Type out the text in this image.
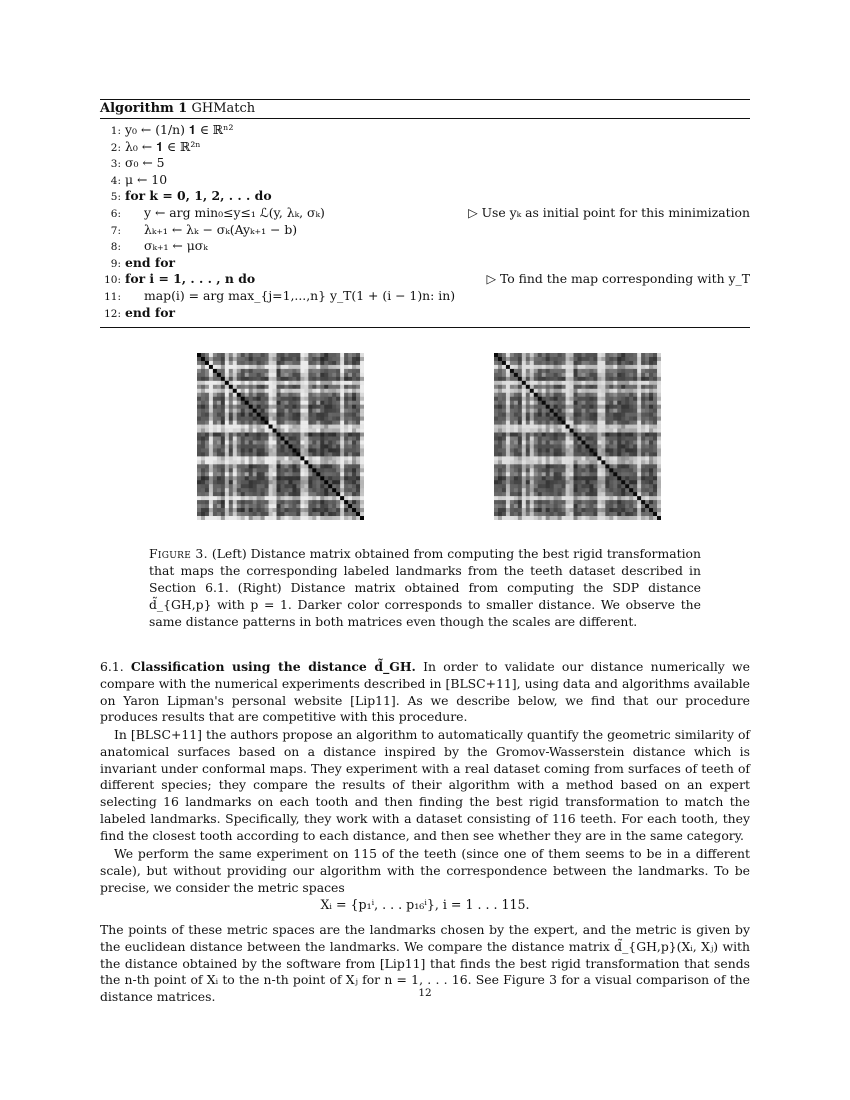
Algorithm 1 GHMatch
1: y₀ ← (1/n) 𝟏 ∈ ℝⁿ²
2: λ₀ ← 𝟏 ∈ ℝ²ⁿ
3: σ₀ ← 5
4: μ ← 10
5: for k = 0, 1, 2, . . . do
6: y ← arg min₀≤y≤₁ ℒ(y, λₖ, σₖ)	▷ Use yₖ as initial point for this minimization
7: λₖ₊₁ ← λₖ − σₖ(Ayₖ₊₁ − b)
8: σₖ₊₁ ← μσₖ
9: end for
10: for i = 1, . . . , n do	▷ To find the map corresponding with y_T
11: map(i) = arg max_{j=1,...,n} y_T(1 + (i − 1)n: in)
12: end for
Figure 3. (Left) Distance matrix obtained from computing the best rigid transformation that maps the corresponding labeled landmarks from the teeth dataset described in Section 6.1. (Right) Distance matrix obtained from computing the SDP distance d̃_{GH,p} with p = 1. Darker color corresponds to smaller distance. We observe the same distance patterns in both matrices even though the scales are different.
6.1. Classification using the distance d̃_GH. In order to validate our distance numerically we compare with the numerical experiments described in [BLSC+11], using data and algorithms available on Yaron Lipman's personal website [Lip11]. As we describe below, we find that our procedure produces results that are competitive with this procedure.
In [BLSC+11] the authors propose an algorithm to automatically quantify the geometric similarity of anatomical surfaces based on a distance inspired by the Gromov-Wasserstein distance which is invariant under conformal maps. They experiment with a real dataset coming from surfaces of teeth of different species; they compare the results of their algorithm with a method based on an expert selecting 16 landmarks on each tooth and then finding the best rigid transformation to match the labeled landmarks. Specifically, they work with a dataset consisting of 116 teeth. For each tooth, they find the closest tooth according to each distance, and then see whether they are in the same category.
We perform the same experiment on 115 of the teeth (since one of them seems to be in a different scale), but without providing our algorithm with the correspondence between the landmarks. To be precise, we consider the metric spaces
Xᵢ = {p₁ⁱ, . . . p₁₆ⁱ}, i = 1 . . . 115.
The points of these metric spaces are the landmarks chosen by the expert, and the metric is given by the euclidean distance between the landmarks. We compare the distance matrix d̃_{GH,p}(Xᵢ, Xⱼ) with the distance obtained by the software from [Lip11] that finds the best rigid transformation that sends the n-th point of Xᵢ to the n-th point of Xⱼ for n = 1, . . . 16. See Figure 3 for a visual comparison of the distance matrices.	12
